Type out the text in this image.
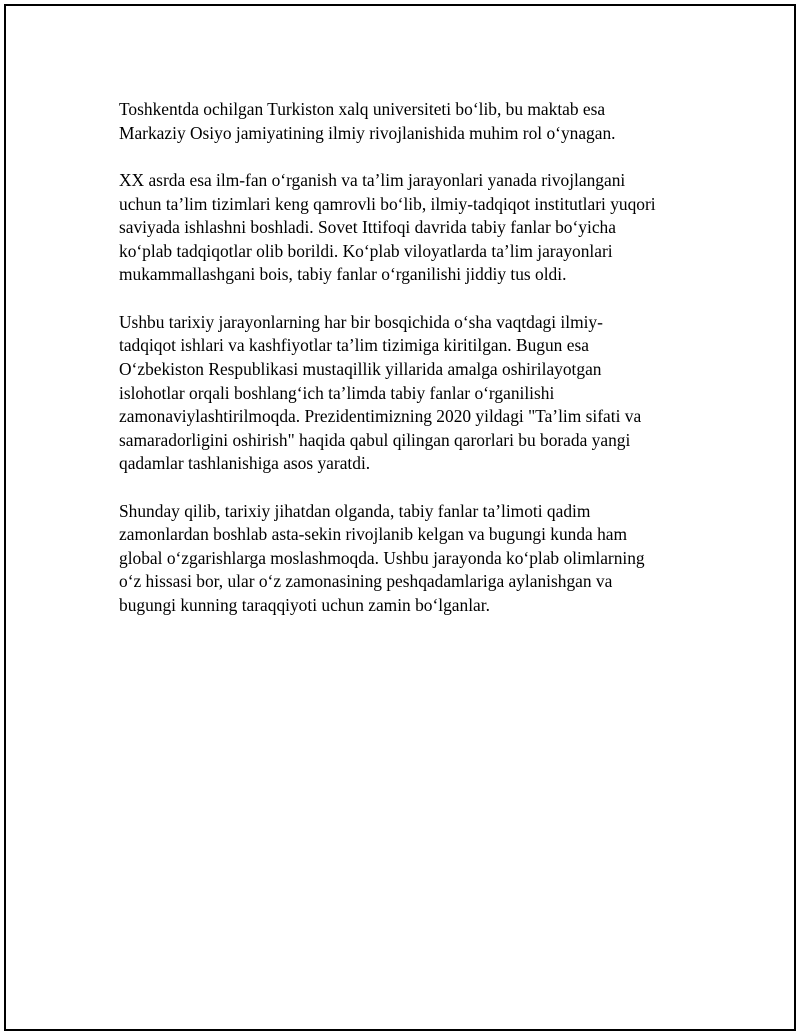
Toshkentda ochilgan Turkiston xalq universiteti bo‘lib, bu maktab esa
Markaziy Osiyo jamiyatining ilmiy rivojlanishida muhim rol o‘ynagan.

XX asrda esa ilm-fan o‘rganish va ta’lim jarayonlari yanada rivojlangani
uchun ta’lim tizimlari keng qamrovli bo‘lib, ilmiy-tadqiqot institutlari yuqori
saviyada ishlashni boshladi. Sovet Ittifoqi davrida tabiy fanlar bo‘yicha
ko‘plab tadqiqotlar olib borildi. Ko‘plab viloyatlarda ta’lim jarayonlari
mukammallashgani bois, tabiy fanlar o‘rganilishi jiddiy tus oldi.

Ushbu tarixiy jarayonlarning har bir bosqichida o‘sha vaqtdagi ilmiy-
tadqiqot ishlari va kashfiyotlar ta’lim tizimiga kiritilgan. Bugun esa
O‘zbekiston Respublikasi mustaqillik yillarida amalga oshirilayotgan
islohotlar orqali boshlang‘ich ta’limda tabiy fanlar o‘rganilishi
zamonaviylashtirilmoqda. Prezidentimizning 2020 yildagi "Ta’lim sifati va
samaradorligini oshirish" haqida qabul qilingan qarorlari bu borada yangi
qadamlar tashlanishiga asos yaratdi.

Shunday qilib, tarixiy jihatdan olganda, tabiy fanlar ta’limoti qadim
zamonlardan boshlab asta-sekin rivojlanib kelgan va bugungi kunda ham
global o‘zgarishlarga moslashmoqda. Ushbu jarayonda ko‘plab olimlarning
o‘z hissasi bor, ular o‘z zamonasining peshqadamlariga aylanishgan va
bugungi kunning taraqqiyoti uchun zamin bo‘lganlar.
